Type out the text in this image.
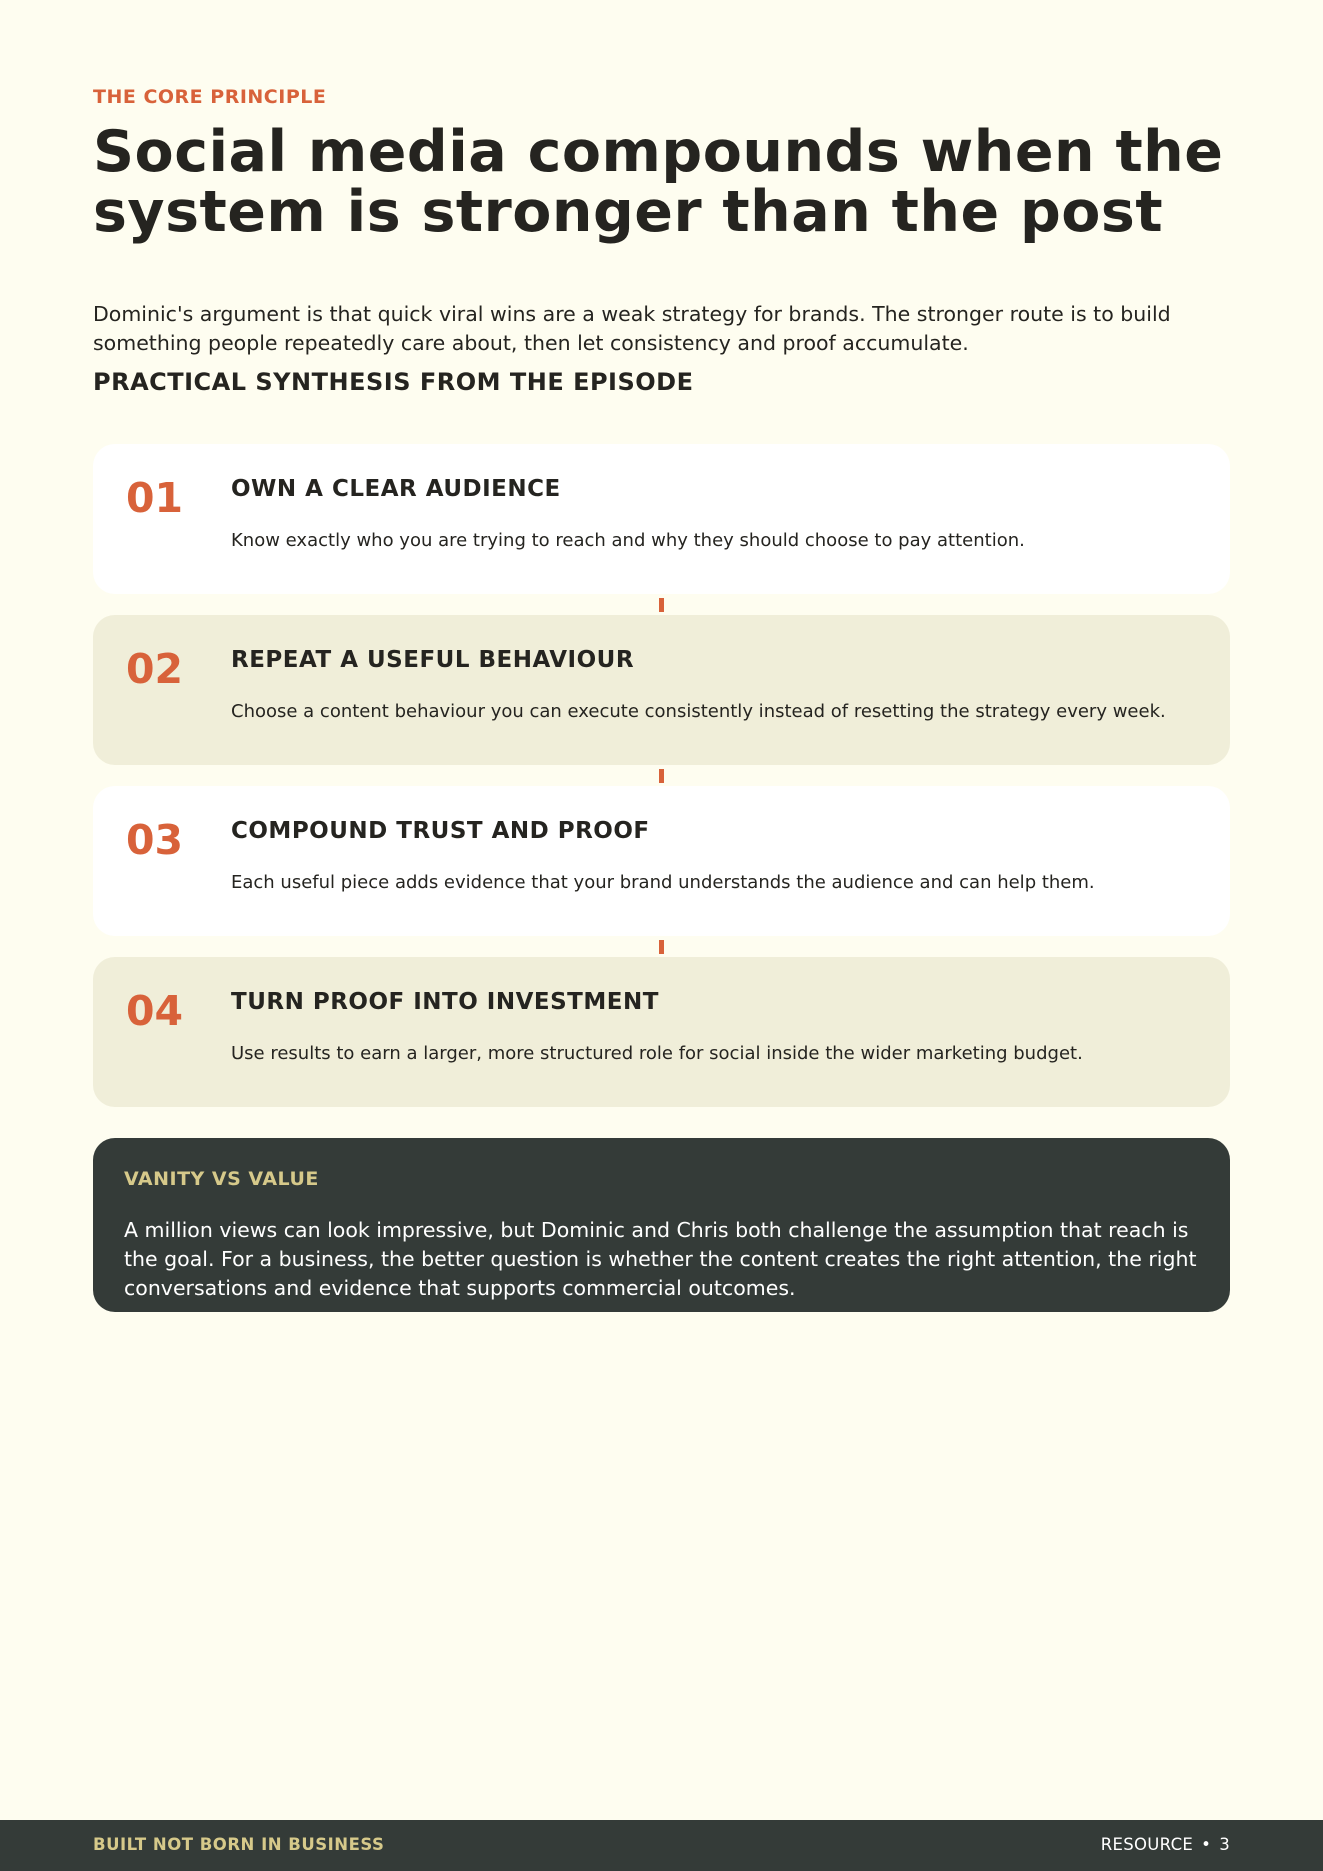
THE CORE PRINCIPLE
Social media compounds when the system is stronger than the post

Dominic's argument is that quick viral wins are a weak strategy for brands. The stronger route is to build something people repeatedly care about, then let consistency and proof accumulate.

PRACTICAL SYNTHESIS FROM THE EPISODE
01 OWN A CLEAR AUDIENCE
Know exactly who you are trying to reach and why they should choose to pay attention.
02 REPEAT A USEFUL BEHAVIOUR
Choose a content behaviour you can execute consistently instead of resetting the strategy every week.
03 COMPOUND TRUST AND PROOF
Each useful piece adds evidence that your brand understands the audience and can help them.
04 TURN PROOF INTO INVESTMENT
Use results to earn a larger, more structured role for social inside the wider marketing budget.
VANITY VS VALUE
A million views can look impressive, but Dominic and Chris both challenge the assumption that reach is the goal. For a business, the better question is whether the content creates the right attention, the right conversations and evidence that supports commercial outcomes.
BUILT NOT BORN IN BUSINESS	RESOURCE • 3
